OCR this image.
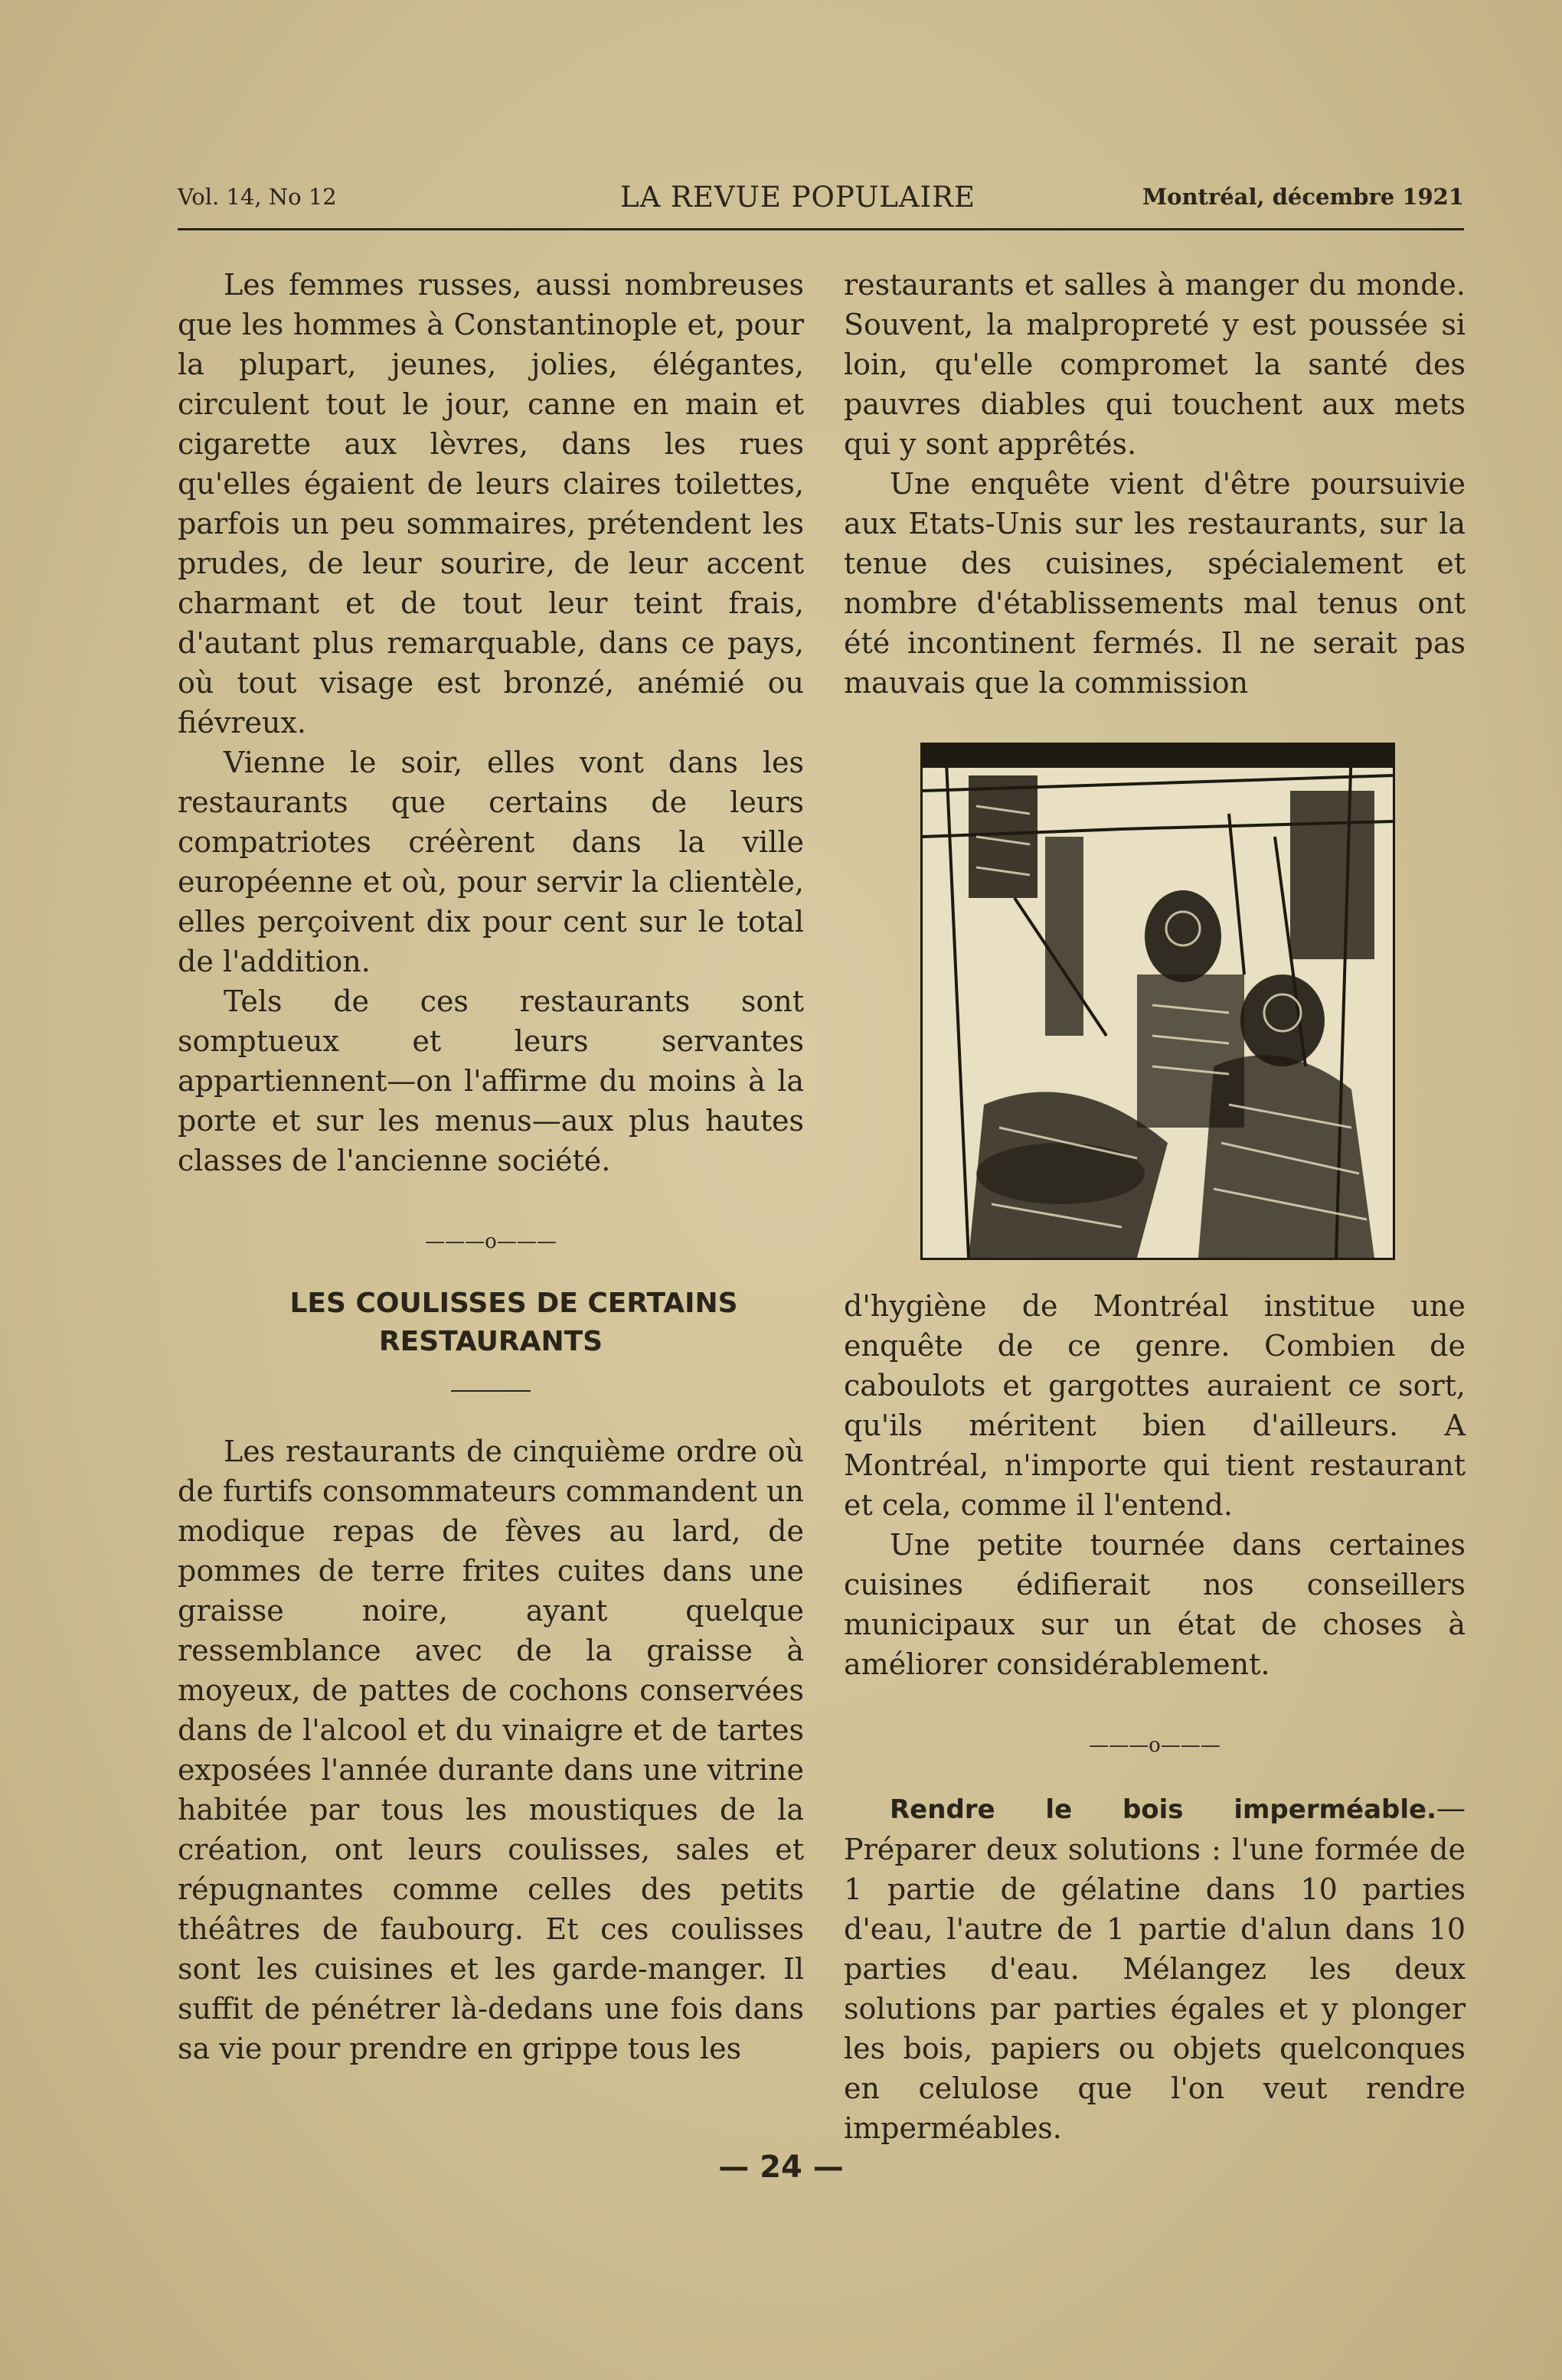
Vol. 14, No 12	LA REVUE POPULAIRE	Montréal, décembre 1921

Les femmes russes, aussi nombreuses que les hommes à Constantinople et, pour la plupart, jeunes, jolies, élégantes, circulent tout le jour, canne en main et cigarette aux lèvres, dans les rues qu'elles égaient de leurs claires toilettes, parfois un peu sommaires, prétendent les prudes, de leur sourire, de leur accent charmant et de tout leur teint frais, d'autant plus remarquable, dans ce pays, où tout visage est bronzé, anémié ou fiévreux.

Vienne le soir, elles vont dans les restaurants que certains de leurs compatriotes créèrent dans la ville européenne et où, pour servir la clientèle, elles perçoivent dix pour cent sur le total de l'addition.

Tels de ces restaurants sont somptueux et leurs servantes appartiennent—on l'affirme du moins à la porte et sur les menus—aux plus hautes classes de l'ancienne société.

———o———

LES COULISSES DE CERTAINS RESTAURANTS

Les restaurants de cinquième ordre où de furtifs consommateurs commandent un modique repas de fèves au lard, de pommes de terre frites cuites dans une graisse noire, ayant quelque ressemblance avec de la graisse à moyeux, de pattes de cochons conservées dans de l'alcool et du vinaigre et de tartes exposées l'année durante dans une vitrine habitée par tous les moustiques de la création, ont leurs coulisses, sales et répugnantes comme celles des petits théâtres de faubourg. Et ces coulisses sont les cuisines et les garde-manger. Il suffit de pénétrer là-dedans une fois dans sa vie pour prendre en grippe tous les

restaurants et salles à manger du monde. Souvent, la malpropreté y est poussée si loin, qu'elle compromet la santé des pauvres diables qui touchent aux mets qui y sont apprêtés.

Une enquête vient d'être poursuivie aux Etats-Unis sur les restaurants, sur la tenue des cuisines, spécialement et nombre d'établissements mal tenus ont été incontinent fermés. Il ne serait pas mauvais que la commission

d'hygiène de Montréal institue une enquête de ce genre. Combien de caboulots et gargottes auraient ce sort, qu'ils méritent bien d'ailleurs. A Montréal, n'importe qui tient restaurant et cela, comme il l'entend.

Une petite tournée dans certaines cuisines édifierait nos conseillers municipaux sur un état de choses à améliorer considérablement.

———o———

Rendre le bois imperméable.—Préparer deux solutions : l'une formée de 1 partie de gélatine dans 10 parties d'eau, l'autre de 1 partie d'alun dans 10 parties d'eau. Mélangez les deux solutions par parties égales et y plonger les bois, papiers ou objets quelconques en celulose que l'on veut rendre imperméables.

— 24 —
